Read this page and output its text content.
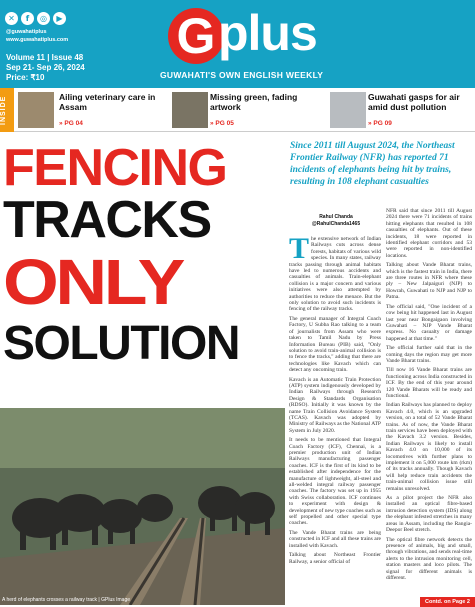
✕	f	◎	▶
@guwahatiplus
www.guwahatiplus.com
Volume 11 | Issue 48
Sep 21- Sep 26, 2024
Price: ₹10
G plus
GUWAHATI'S OWN ENGLISH WEEKLY
INSIDE	Ailing veterinary care in Assam
» PG 04
Missing green, fading artwork
» PG 05
Guwahati gasps for air amid dust pollution
» PG 09
FENCING
TRACKS
ONLY
SOLUTION
Since 2011 till August 2024, the Northeast Frontier Railway (NFR) has reported 71 incidents of elephants being hit by trains, resulting in 108 elephant casualties
Rahul Chanda
@RahulChanda1465
T he extensive network of Indian Railways cuts across dense forests, habitats of various wild species. In many states, railway tracks passing through animal habitats have led to numerous accidents and casualties of animals. Train-elephant collision is a major concern and various initiatives were also attempted by authorities to reduce the menace. But the only solution to avoid such incidents is fencing of the railway tracks.

The general manager of Integral Coach Factory, U Subba Rao talking to a team of journalists from Assam who were taken to Tamil Nadu by Press Information Bureau (PIB) said, "Only solution to avoid train-animal collision is to fence the tracks," adding that there are technologies like Kavach which can detect any oncoming train.

Kavach is an Automatic Train Protection (ATP) system indigenously developed by Indian Railways through Research Design & Standards Organisation (RDSO). Initially it was known by the name Train Collision Avoidance System (TCAS). Kavach was adopted by Ministry of Railways as the National ATP System in July 2020.

It needs to be mentioned that Integral Coach Factory (ICF), Chennai, is a premier production unit of Indian Railways manufacturing passenger coaches. ICF is the first of its kind to be established after independence for the manufacture of lightweight, all-steel and all-welded integral railway passenger coaches. The factory was set up in 1955 with Swiss collaboration. ICF continues to experiment with design & development of new type coaches such as self propelled and other special type coaches.

The Vande Bharat trains are being constructed in ICF and all these trains are installed with Kavach.

Talking about Northeast Frontier Railway, a senior official of

NFR said that since 2011 till August 2024 there were 71 incidents of trains hitting elephants that resulted in 108 casualties of elephants. Out of these incidents, 18 were reported in identified elephant corridors and 53 were reported in non-identified locations.

Talking about Vande Bharat trains, which is the fastest train in India, there are three routes in NFR where these ply – New Jalpaiguri (NJP) to Howrah, Guwahati to NJP and NJP to Patna.

The official said, "One incident of a cow being hit happened last in August last year near Bongaigaon involving Guwahati – NJP Vande Bharat express. No casualty or damage happened at that time."

The official further said that in the coming days the region may get more Vande Bharat trains.

Till now 16 Vande Bharat trains are functioning across India constructed in ICF. By the end of this year around 120 Vande Bharats will be ready and functional.

Indian Railways has planned to deploy Kavach 4.0, which is an upgraded version, on a total of 52 Vande Bharat trains. As of now, the Vande Bharat train services have been deployed with the Kavach 3.2 version. Besides, Indian Railways is likely to install Kavach 4.0 on 10,000 of its locomotives with further plans to implement it on 5,000 route km (rkm) of its tracks annually. Though Kavach will help reduce train accidents the train-animal collision issue still remains unresolved.

As a pilot project the NFR also installed an optical fibre-based intrusion detection system (IDS) along the elephant infested stretches in many areas in Assam, including the Rangia-Deepor Beel stretch.

The optical fibre network detects the presence of animals, big and small, through vibrations, and sends real-time alerts to the intrusion monitoring cell, station masters and loco pilots. The signal for different animals is different.

A herd of elephants crosses a railway track | GPlus Image	Contd. on Page 2
